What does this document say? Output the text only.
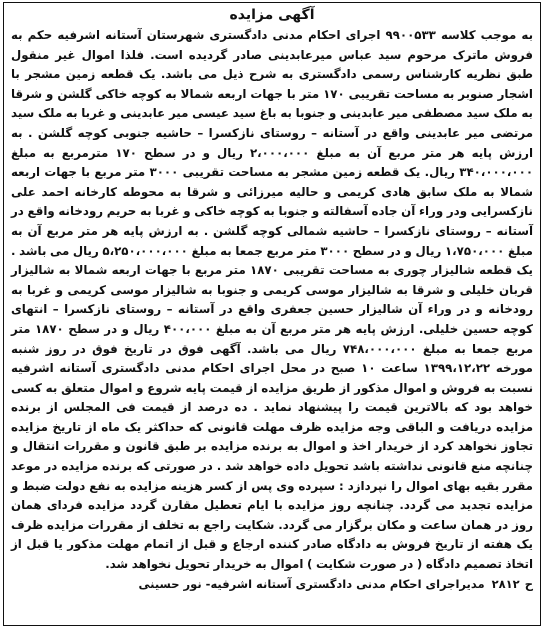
آگهی مزایده

به موجب کلاسه ۹۹۰۰۵۳۳ اجرای احکام مدنی دادگستری شهرستان آستانه اشرفیه حکم به فروش ماترک مرحوم سید عباس میرعابدینی صادر گردیده است. فلذا اموال غیر منقول طبق نظریه کارشناس رسمی دادگستری به شرح ذیل می باشد. یک قطعه زمین مشجر با اشجار صنوبر به مساحت تقریبی ۱۷۰ متر با جهات اربعه شمالا به کوچه خاکی گلشن و شرقا به ملک سید مصطفی میر عابدینی و جنوبا به باغ سید عیسی میر عابدینی و غربا به ملک سید مرتضی میر عابدینی واقع در آستانه – روستای نازکسرا – حاشیه جنوبی کوچه گلشن . به ارزش پایه هر متر مربع آن به مبلغ ۲،۰۰۰،۰۰۰ ریال و در سطح ۱۷۰ مترمربع به مبلغ ۳۴۰،۰۰۰،۰۰۰ ریال. یک قطعه زمین مشجر به مساحت تقریبی ۳۰۰۰ متر مربع با جهات اربعه شمالا به ملک سابق هادی کریمی و حالیه میرزائی و شرقا به محوطه کارخانه احمد علی نازکسرایی ودر وراء آن جاده آسفالته و جنوبا به کوچه خاکی و غربا به حریم رودخانه واقع در آستانه – روستای نازکسرا – حاشیه شمالی کوچه گلشن . به ارزش پایه هر متر مربع آن به مبلغ ۱،۷۵۰،۰۰۰ ریال و در سطح ۳۰۰۰ متر مربع جمعا به مبلغ ۵،۲۵۰،۰۰۰،۰۰۰ ریال می باشد . یک قطعه شالیزار چوری به مساحت تقریبی ۱۸۷۰ متر مربع با جهات اربعه شمالا به شالیزار قربان خلیلی و شرقا به شالیزار موسی کریمی و جنوبا به شالیزار موسی کریمی و غربا به رودخانه و در وراء آن شالیزار حسین جعفری واقع در آستانه – روستای نازکسرا – انتهای کوچه حسین خلیلی. ارزش پایه هر متر مربع آن به مبلغ ۴۰۰،۰۰۰ ریال و در سطح ۱۸۷۰ متر مربع جمعا به مبلغ ۷۴۸،۰۰۰،۰۰۰ ریال می باشد. آگهی فوق در تاریخ فوق در روز شنبه مورخه ۱۳۹۹،۱۲،۲۲ ساعت ۱۰ صبح در محل اجرای احکام مدنی دادگستری آستانه اشرفیه نسبت به فروش و اموال مذکور از طریق مزایده از قیمت پایه شروع و اموال متعلق به کسی خواهد بود که بالاترین قیمت را پیشنهاد نماید . ده درصد از قیمت فی المجلس از برنده مزایده دریافت و الباقی وجه مزایده ظرف مهلت قانونی که حداکثر یک ماه از تاریخ مزایده تجاوز نخواهد کرد از خریدار اخذ و اموال به برنده مزایده بر طبق قانون و مقررات انتقال و چنانچه منع قانونی نداشته باشد تحویل داده خواهد شد . در صورتی که برنده مزایده در موعد مقرر بقیه بهای اموال را نپردازد : سپرده وی پس از کسر هزینه مزایده به نفع دولت ضبط و مزایده تجدید می گردد. چنانچه روز مزایده با ایام تعطیل مقارن گردد مزایده فردای همان روز در همان ساعت و مکان برگزار می گردد. شکایت راجع به تخلف از مقررات مزایده ظرف یک هفته از تاریخ فروش به دادگاه صادر کننده ارجاع و قبل از اتمام مهلت مذکور یا قبل از اتخاذ تصمیم دادگاه ( در صورت شکایت ) اموال به خریدار تحویل نخواهد شد.

ح
۲۸۱۲
مدیراجرای احکام مدنی دادگستری آستانه اشرفیه- نور حسینی
